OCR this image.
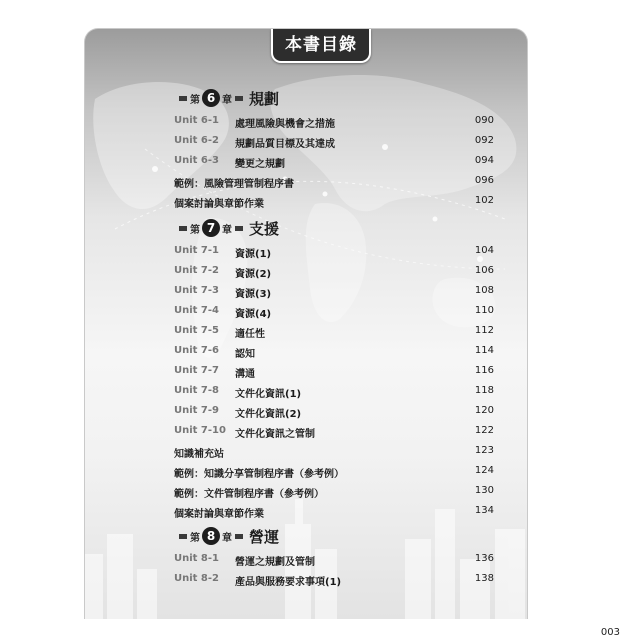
本書目錄
第 6 章 規劃
Unit 6-1 處理風險與機會之措施	090
Unit 6-2 規劃品質目標及其達成	092
Unit 6-3 變更之規劃	094
範例：風險管理管制程序書	096
個案討論與章節作業	102
第 7 章 支援
Unit 7-1 資源(1)	104
Unit 7-2 資源(2)	106
Unit 7-3 資源(3)	108
Unit 7-4 資源(4)	110
Unit 7-5 適任性	112
Unit 7-6 認知	114
Unit 7-7 溝通	116
Unit 7-8 文件化資訊(1)	118
Unit 7-9 文件化資訊(2)	120
Unit 7-10 文件化資訊之管制	122
知識補充站	123
範例：知識分享管制程序書（參考例）	124
範例：文件管制程序書（參考例）	130
個案討論與章節作業	134
第 8 章 營運
Unit 8-1 營運之規劃及管制	136
Unit 8-2 產品與服務要求事項(1)	138
003
